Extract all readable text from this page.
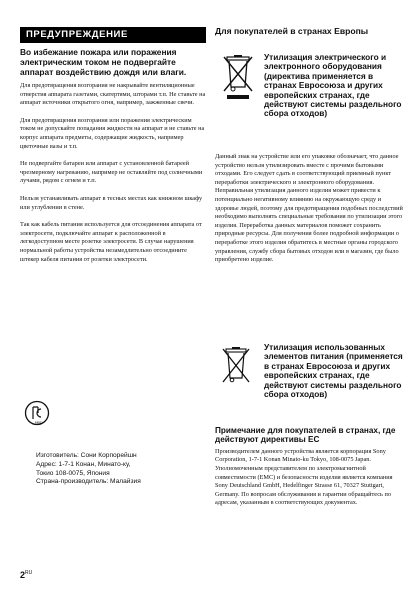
ПРЕДУПРЕЖДЕНИЕ

Во избежание пожара или поражения электрическим током не подвергайте аппарат воздействию дождя или влаги.

Для предотвращения возгорания не накрывайте вентиляционные отверстия аппарата газетами, скатертями, шторами т.п. Не ставьте на аппарат источники открытого огня, например, зажженные свечи.

Для предотвращения возгорания или поражения электрическим током не допускайте попадания жидкости на аппарат и не ставьте на корпус аппарата предметы, содержащие жидкость, например цветочные вазы и т.п.

Не подвергайте батареи или аппарат с установленной батареей чрезмерному нагреванию, например не оставляйте под солнечными лучами, рядом с огнем и т.п.

Нельзя устанавливать аппарат в тесных местах как книжном шкафу или углублении в стене.

Так как кабель питания используется для отсоединения аппарата от электросети, подключайте аппарат к расположенной в легкодоступном месте розетке электросети. В случае нарушения нормальной работы устройства незамедлительно отсоедините штекер кабеля питания от розетки электросети.

ME61

Изготовитель: Сони Корпорейшн

Адрес: 1-7-1 Конан, Минато-ку,

Токио 108-0075, Япония

Страна-производитель: Малайзия

Для покупателей в странах Европы

Утилизация электрического и электронного оборудования (директива применяется в странах Евросоюза и других европейских странах, где действуют системы раздельного сбора отходов)

Данный знак на устройстве или его упаковке обозначает, что данное устройство нельзя утилизировать вместе с прочими бытовыми отходами. Его следует сдать в соответствующий приемный пункт переработки электрического и электронного оборудования. Неправильная утилизация данного изделия может привести к потенциально негативному влиянию на окружающую среду и здоровье людей, поэтому для предотвращения подобных последствий необходимо выполнять специальные требования по утилизации этого изделия. Переработка данных материалов поможет сохранить природные ресурсы. Для получения более подробной информации о переработке этого изделия обратитесь в местные органы городского управления, службу сбора бытовых отходов или в магазин, где было приобретено изделие.

Утилизация использованных элементов питания (применяется в странах Евросоюза и других европейских странах, где действуют системы раздельного сбора отходов)

Примечание для покупателей в странах, где действуют директивы ЕС

Производителем данного устройства является корпорация Sony Corporation, 1-7-1 Konan Minato-ku Tokyo, 108-0075 Japan. Уполномоченным представителем по электромагнитной совместимости (EMC) и безопасности изделия является компания Sony Deutschland GmbH, Hedelfinger Strasse 61, 70327 Stuttgart, Germany. По вопросам обслуживания и гарантии обращайтесь по адресам, указанным в соответствующих документах.

$2^{RU}$
